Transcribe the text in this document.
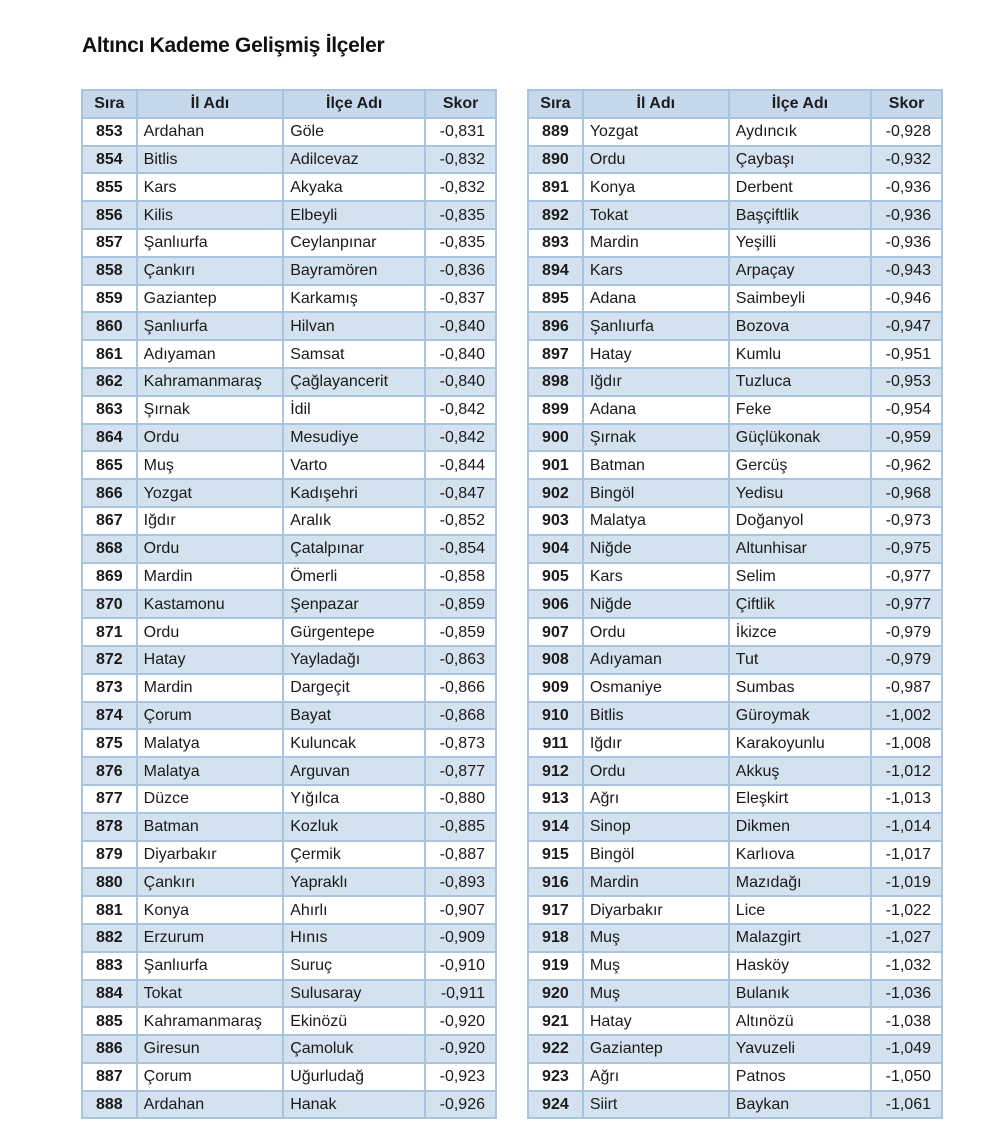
Altıncı Kademe Gelişmiş İlçeler
Sıra	İl Adı	İlçe Adı	Skor
853	Ardahan	Göle	-0,831
854	Bitlis	Adilcevaz	-0,832
855	Kars	Akyaka	-0,832
856	Kilis	Elbeyli	-0,835
857	Şanlıurfa	Ceylanpınar	-0,835
858	Çankırı	Bayramören	-0,836
859	Gaziantep	Karkamış	-0,837
860	Şanlıurfa	Hilvan	-0,840
861	Adıyaman	Samsat	-0,840
862	Kahramanmaraş	Çağlayancerit	-0,840
863	Şırnak	İdil	-0,842
864	Ordu	Mesudiye	-0,842
865	Muş	Varto	-0,844
866	Yozgat	Kadışehri	-0,847
867	Iğdır	Aralık	-0,852
868	Ordu	Çatalpınar	-0,854
869	Mardin	Ömerli	-0,858
870	Kastamonu	Şenpazar	-0,859
871	Ordu	Gürgentepe	-0,859
872	Hatay	Yayladağı	-0,863
873	Mardin	Dargeçit	-0,866
874	Çorum	Bayat	-0,868
875	Malatya	Kuluncak	-0,873
876	Malatya	Arguvan	-0,877
877	Düzce	Yığılca	-0,880
878	Batman	Kozluk	-0,885
879	Diyarbakır	Çermik	-0,887
880	Çankırı	Yapraklı	-0,893
881	Konya	Ahırlı	-0,907
882	Erzurum	Hınıs	-0,909
883	Şanlıurfa	Suruç	-0,910
884	Tokat	Sulusaray	-0,911
885	Kahramanmaraş	Ekinözü	-0,920
886	Giresun	Çamoluk	-0,920
887	Çorum	Uğurludağ	-0,923
888	Ardahan	Hanak	-0,926
Sıra	İl Adı	İlçe Adı	Skor
889	Yozgat	Aydıncık	-0,928
890	Ordu	Çaybaşı	-0,932
891	Konya	Derbent	-0,936
892	Tokat	Başçiftlik	-0,936
893	Mardin	Yeşilli	-0,936
894	Kars	Arpaçay	-0,943
895	Adana	Saimbeyli	-0,946
896	Şanlıurfa	Bozova	-0,947
897	Hatay	Kumlu	-0,951
898	Iğdır	Tuzluca	-0,953
899	Adana	Feke	-0,954
900	Şırnak	Güçlükonak	-0,959
901	Batman	Gercüş	-0,962
902	Bingöl	Yedisu	-0,968
903	Malatya	Doğanyol	-0,973
904	Niğde	Altunhisar	-0,975
905	Kars	Selim	-0,977
906	Niğde	Çiftlik	-0,977
907	Ordu	İkizce	-0,979
908	Adıyaman	Tut	-0,979
909	Osmaniye	Sumbas	-0,987
910	Bitlis	Güroymak	-1,002
911	Iğdır	Karakoyunlu	-1,008
912	Ordu	Akkuş	-1,012
913	Ağrı	Eleşkirt	-1,013
914	Sinop	Dikmen	-1,014
915	Bingöl	Karlıova	-1,017
916	Mardin	Mazıdağı	-1,019
917	Diyarbakır	Lice	-1,022
918	Muş	Malazgirt	-1,027
919	Muş	Hasköy	-1,032
920	Muş	Bulanık	-1,036
921	Hatay	Altınözü	-1,038
922	Gaziantep	Yavuzeli	-1,049
923	Ağrı	Patnos	-1,050
924	Siirt	Baykan	-1,061
